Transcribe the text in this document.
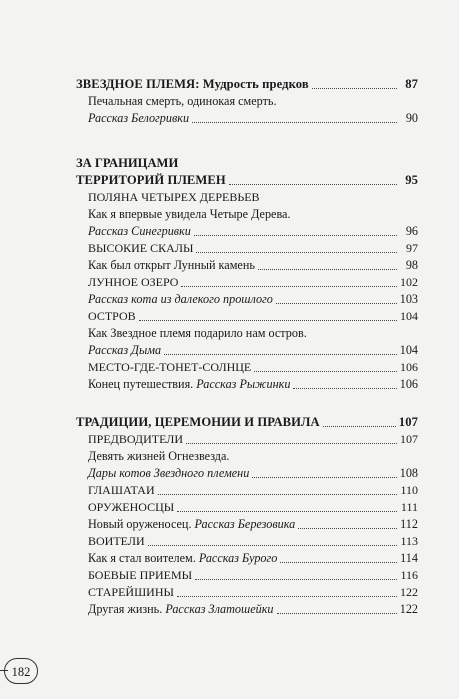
ЗВЕЗДНОЕ ПЛЕМЯ: Мудрость предков	87
Печальная смерть, одинокая смерть.
Рассказ Белогривки	90
ЗА ГРАНИЦАМИ
ТЕРРИТОРИЙ ПЛЕМЕН	95
ПОЛЯНА ЧЕТЫРЕХ ДЕРЕВЬЕВ
Как я впервые увидела Четыре Дерева.
Рассказ Синегривки	96
ВЫСОКИЕ СКАЛЫ	97
Как был открыт Лунный камень	98
ЛУННОЕ ОЗЕРО	102
Рассказ кота из далекого прошлого	103
ОСТРОВ	104
Как Звездное племя подарило нам остров.
Рассказ Дыма	104
МЕСТО-ГДЕ-ТОНЕТ-СОЛНЦЕ	106
Конец путешествия. Рассказ Рыжинки	106
ТРАДИЦИИ, ЦЕРЕМОНИИ И ПРАВИЛА	107
ПРЕДВОДИТЕЛИ	107
Девять жизней Огнезвезда.
Дары котов Звездного племени	108
ГЛАШАТАИ	110
ОРУЖЕНОСЦЫ	111
Новый оруженосец. Рассказ Березовика	112
ВОИТЕЛИ	113
Как я стал воителем. Рассказ Бурого	114
БОЕВЫЕ ПРИЕМЫ	116
СТАРЕЙШИНЫ	122
Другая жизнь. Рассказ Златошейки	122
182
